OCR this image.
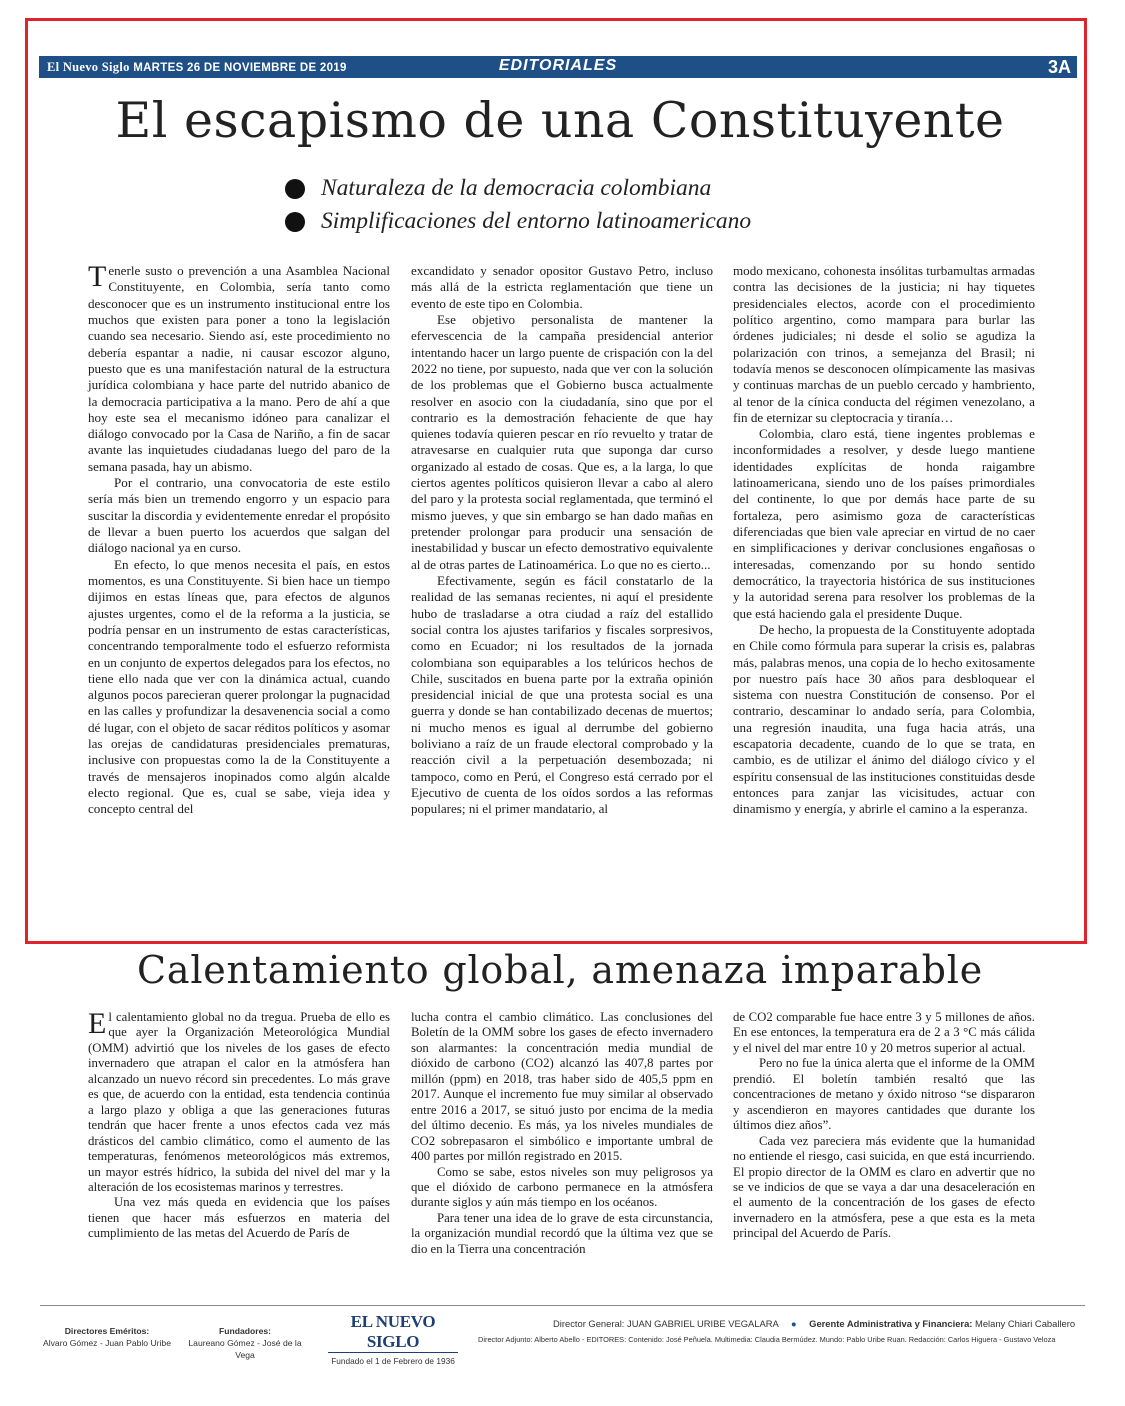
El Nuevo Siglo MARTES 26 DE NOVIEMBRE DE 2019	EDITORIALES	3A
El escapismo de una Constituyente
Naturaleza de la democracia colombiana
Simplificaciones del entorno latinoamericano

Tenerle susto o prevención a una Asamblea Nacional Constituyente, en Colombia, sería tanto como desconocer que es un instrumento institucional entre los muchos que existen para poner a tono la legislación cuando sea necesario. Siendo así, este procedimiento no debería espantar a nadie, ni causar escozor alguno, puesto que es una manifestación natural de la estructura jurídica colombiana y hace parte del nutrido abanico de la democracia participativa a la mano. Pero de ahí a que hoy este sea el mecanismo idóneo para canalizar el diálogo convocado por la Casa de Nariño, a fin de sacar avante las inquietudes ciudadanas luego del paro de la semana pasada, hay un abismo.

Por el contrario, una convocatoria de este estilo sería más bien un tremendo engorro y un espacio para suscitar la discordia y evidentemente enredar el propósito de llevar a buen puerto los acuerdos que salgan del diálogo nacional ya en curso.

En efecto, lo que menos necesita el país, en estos momentos, es una Constituyente. Si bien hace un tiempo dijimos en estas líneas que, para efectos de algunos ajustes urgentes, como el de la reforma a la justicia, se podría pensar en un instrumento de estas características, concentrando temporalmente todo el esfuerzo reformista en un conjunto de expertos delegados para los efectos, no tiene ello nada que ver con la dinámica actual, cuando algunos pocos parecieran querer prolongar la pugnacidad en las calles y profundizar la desavenencia social a como dé lugar, con el objeto de sacar réditos políticos y asomar las orejas de candidaturas presidenciales prematuras, inclusive con propuestas como la de la Constituyente a través de mensajeros inopinados como algún alcalde electo regional. Que es, cual se sabe, vieja idea y concepto central del

excandidato y senador opositor Gustavo Petro, incluso más allá de la estricta reglamentación que tiene un evento de este tipo en Colombia.

Ese objetivo personalista de mantener la efervescencia de la campaña presidencial anterior intentando hacer un largo puente de crispación con la del 2022 no tiene, por supuesto, nada que ver con la solución de los problemas que el Gobierno busca actualmente resolver en asocio con la ciudadanía, sino que por el contrario es la demostración fehaciente de que hay quienes todavía quieren pescar en río revuelto y tratar de atravesarse en cualquier ruta que suponga dar curso organizado al estado de cosas. Que es, a la larga, lo que ciertos agentes políticos quisieron llevar a cabo al alero del paro y la protesta social reglamentada, que terminó el mismo jueves, y que sin embargo se han dado mañas en pretender prolongar para producir una sensación de inestabilidad y buscar un efecto demostrativo equivalente al de otras partes de Latinoamérica. Lo que no es cierto...

Efectivamente, según es fácil constatarlo de la realidad de las semanas recientes, ni aquí el presidente hubo de trasladarse a otra ciudad a raíz del estallido social contra los ajustes tarifarios y fiscales sorpresivos, como en Ecuador; ni los resultados de la jornada colombiana son equiparables a los telúricos hechos de Chile, suscitados en buena parte por la extraña opinión presidencial inicial de que una protesta social es una guerra y donde se han contabilizado decenas de muertos; ni mucho menos es igual al derrumbe del gobierno boliviano a raíz de un fraude electoral comprobado y la reacción civil a la perpetuación desembozada; ni tampoco, como en Perú, el Congreso está cerrado por el Ejecutivo de cuenta de los oídos sordos a las reformas populares; ni el primer mandatario, al

modo mexicano, cohonesta insólitas turbamultas armadas contra las decisiones de la justicia; ni hay tiquetes presidenciales electos, acorde con el procedimiento político argentino, como mampara para burlar las órdenes judiciales; ni desde el solio se agudiza la polarización con trinos, a semejanza del Brasil; ni todavía menos se desconocen olímpicamente las masivas y continuas marchas de un pueblo cercado y hambriento, al tenor de la cínica conducta del régimen venezolano, a fin de eternizar su cleptocracia y tiranía…

Colombia, claro está, tiene ingentes problemas e inconformidades a resolver, y desde luego mantiene identidades explícitas de honda raigambre latinoamericana, siendo uno de los países primordiales del continente, lo que por demás hace parte de su fortaleza, pero asimismo goza de características diferenciadas que bien vale apreciar en virtud de no caer en simplificaciones y derivar conclusiones engañosas o interesadas, comenzando por su hondo sentido democrático, la trayectoria histórica de sus instituciones y la autoridad serena para resolver los problemas de la que está haciendo gala el presidente Duque.

De hecho, la propuesta de la Constituyente adoptada en Chile como fórmula para superar la crisis es, palabras más, palabras menos, una copia de lo hecho exitosamente por nuestro país hace 30 años para desbloquear el sistema con nuestra Constitución de consenso. Por el contrario, descaminar lo andado sería, para Colombia, una regresión inaudita, una fuga hacia atrás, una escapatoria decadente, cuando de lo que se trata, en cambio, es de utilizar el ánimo del diálogo cívico y el espíritu consensual de las instituciones constituidas desde entonces para zanjar las vicisitudes, actuar con dinamismo y energía, y abrirle el camino a la esperanza.

Calentamiento global, amenaza imparable

El calentamiento global no da tregua. Prueba de ello es que ayer la Organización Meteorológica Mundial (OMM) advirtió que los niveles de los gases de efecto invernadero que atrapan el calor en la atmósfera han alcanzado un nuevo récord sin precedentes. Lo más grave es que, de acuerdo con la entidad, esta tendencia continúa a largo plazo y obliga a que las generaciones futuras tendrán que hacer frente a unos efectos cada vez más drásticos del cambio climático, como el aumento de las temperaturas, fenómenos meteorológicos más extremos, un mayor estrés hídrico, la subida del nivel del mar y la alteración de los ecosistemas marinos y terrestres.

Una vez más queda en evidencia que los países tienen que hacer más esfuerzos en materia del cumplimiento de las metas del Acuerdo de París de

lucha contra el cambio climático. Las conclusiones del Boletín de la OMM sobre los gases de efecto invernadero son alarmantes: la concentración media mundial de dióxido de carbono (CO2) alcanzó las 407,8 partes por millón (ppm) en 2018, tras haber sido de 405,5 ppm en 2017. Aunque el incremento fue muy similar al observado entre 2016 a 2017, se situó justo por encima de la media del último decenio. Es más, ya los niveles mundiales de CO2 sobrepasaron el simbólico e importante umbral de 400 partes por millón registrado en 2015.

Como se sabe, estos niveles son muy peligrosos ya que el dióxido de carbono permanece en la atmósfera durante siglos y aún más tiempo en los océanos.

Para tener una idea de lo grave de esta circunstancia, la organización mundial recordó que la última vez que se dio en la Tierra una concentración

de CO2 comparable fue hace entre 3 y 5 millones de años. En ese entonces, la temperatura era de 2 a 3 °C más cálida y el nivel del mar entre 10 y 20 metros superior al actual.

Pero no fue la única alerta que el informe de la OMM prendió. El boletín también resaltó que las concentraciones de metano y óxido nitroso “se dispararon y ascendieron en mayores cantidades que durante los últimos diez años”.

Cada vez pareciera más evidente que la humanidad no entiende el riesgo, casi suicida, en que está incurriendo. El propio director de la OMM es claro en advertir que no se ve indicios de que se vaya a dar una desaceleración en el aumento de la concentración de los gases de efecto invernadero en la atmósfera, pese a que esta es la meta principal del Acuerdo de París.

Directores Eméritos:
Alvaro Gómez - Juan Pablo Uribe
Fundadores:
Laureano Gómez - José de la Vega
EL NUEVO SIGLO
Fundado el 1 de Febrero de 1936
Director General: JUAN GABRIEL URIBE VEGALARA ● Gerente Administrativa y Financiera: Melany Chiari Caballero
Director Adjunto: Alberto Abello - EDITORES: Contenido: José Peñuela. Multimedia: Claudia Bermúdez. Mundo: Pablo Uribe Ruan. Redacción: Carlos Higuera - Gustavo Veloza
